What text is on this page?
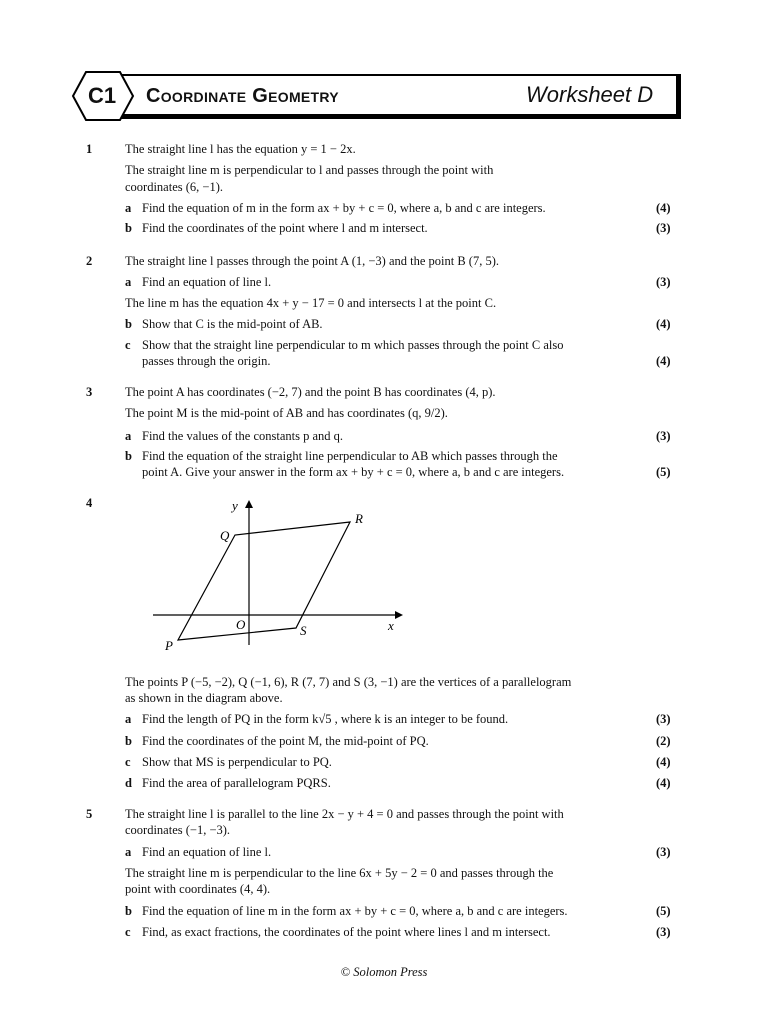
C1 Coordinate Geometry	Worksheet D
1	The straight line l has the equation y = 1 − 2x.
The straight line m is perpendicular to l and passes through the point with
coordinates (6, −1).
a Find the equation of m in the form ax + by + c = 0, where a, b and c are integers.	(4)
b Find the coordinates of the point where l and m intersect.	(3)
2	The straight line l passes through the point A (1, −3) and the point B (7, 5).
a Find an equation of line l.	(3)
The line m has the equation 4x + y − 17 = 0 and intersects l at the point C.
b Show that C is the mid-point of AB.	(4)
c Show that the straight line perpendicular to m which passes through the point C also
passes through the origin.	(4)
3	The point A has coordinates (−2, 7) and the point B has coordinates (4, p).
The point M is the mid-point of AB and has coordinates (q, 9/2).
a Find the values of the constants p and q.	(3)
b Find the equation of the straight line perpendicular to AB which passes through the
point A. Give your answer in the form ax + by + c = 0, where a, b and c are integers.	(5)
4	y
x
O
P
Q
R
S
The points P (−5, −2), Q (−1, 6), R (7, 7) and S (3, −1) are the vertices of a parallelogram
as shown in the diagram above.
a Find the length of PQ in the form k√5 , where k is an integer to be found.	(3)
b Find the coordinates of the point M, the mid-point of PQ.	(2)
c Show that MS is perpendicular to PQ.	(4)
d Find the area of parallelogram PQRS.	(4)
5	The straight line l is parallel to the line 2x − y + 4 = 0 and passes through the point with
coordinates (−1, −3).
a Find an equation of line l.	(3)
The straight line m is perpendicular to the line 6x + 5y − 2 = 0 and passes through the
point with coordinates (4, 4).
b Find the equation of line m in the form ax + by + c = 0, where a, b and c are integers.	(5)
c Find, as exact fractions, the coordinates of the point where lines l and m intersect.	(3)
© Solomon Press
